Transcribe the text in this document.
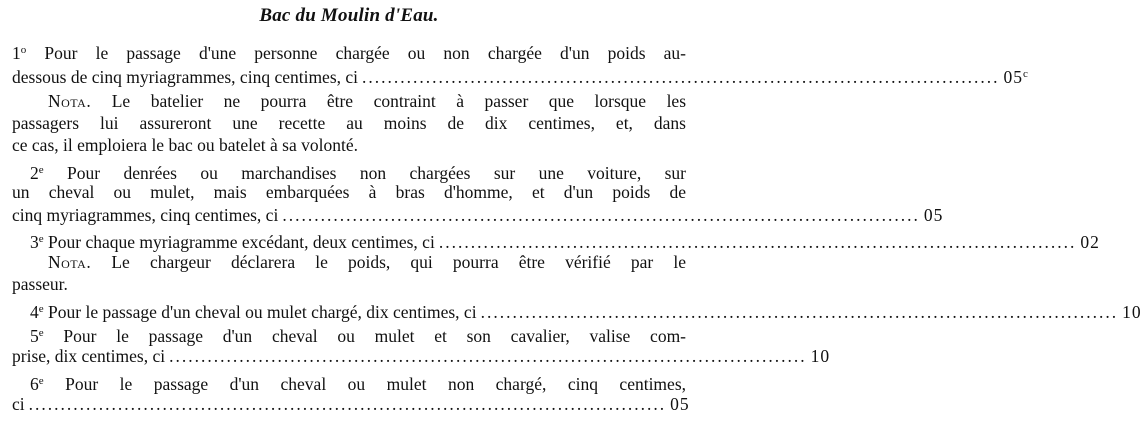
Bac du Moulin d'Eau.
1$^o$ Pour le passage d'une personne chargée ou non chargée d'un poids au-
dessous de cinq myriagrammes, cinq centimes, ci .................................................................................................... 05$^c$
Nota. Le batelier ne pourra être contraint à passer que lorsque les
passagers lui assureront une recette au moins de dix centimes, et, dans
ce cas, il emploiera le bac ou batelet à sa volonté.
2e Pour denrées ou marchandises non chargées sur une voiture, sur
un cheval ou mulet, mais embarquées à bras d'homme, et d'un poids de
cinq myriagrammes, cinq centimes, ci .................................................................................................... 05
3e Pour chaque myriagramme excédant, deux centimes, ci .................................................................................................... 02
Nota. Le chargeur déclarera le poids, qui pourra être vérifié par le
passeur.
4e Pour le passage d'un cheval ou mulet chargé, dix centimes, ci .................................................................................................... 10
5e Pour le passage d'un cheval ou mulet et son cavalier, valise com-
prise, dix centimes, ci .................................................................................................... 10
6e Pour le passage d'un cheval ou mulet non chargé, cinq centimes,
ci .................................................................................................... 05
